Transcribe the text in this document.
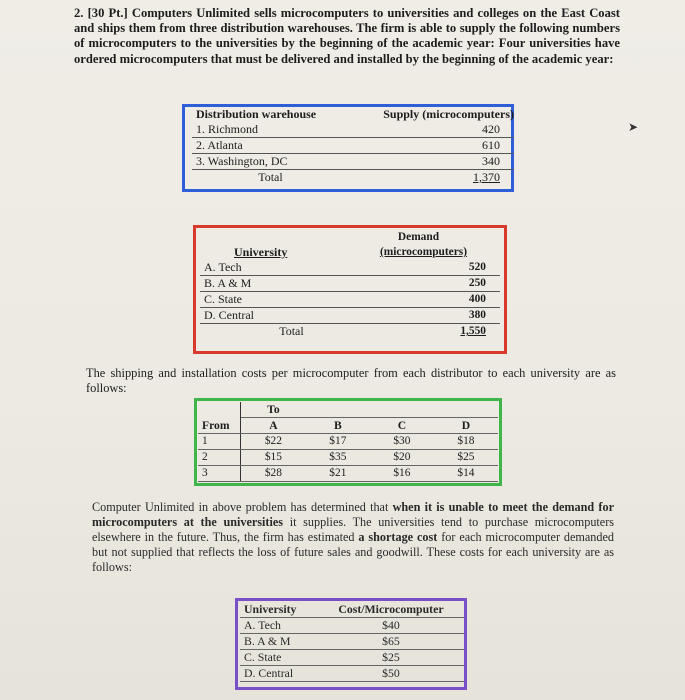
2. [30 Pt.] Computers Unlimited sells microcomputers to universities and colleges on the East Coast and ships them from three distribution warehouses. The firm is able to supply the following numbers of microcomputers to the universities by the beginning of the academic year: Four universities have ordered microcomputers that must be delivered and installed by the beginning of the academic year:

Distribution warehouse	Supply (microcomputers)
1. Richmond	420
2. Atlanta	610
3. Washington, DC	340
Total	1,370
	Demand
University	(microcomputers)
A. Tech	520
B. A & M	250
C. State	400
D. Central	380
Total	1,550

The shipping and installation costs per microcomputer from each distributor to each university are as follows:

	To			
From	A	B	C	D
1	$22	$17	$30	$18
2	$15	$35	$20	$25
3	$28	$21	$16	$14

Computer Unlimited in above problem has determined that when it is unable to meet the demand for microcomputers at the universities it supplies. The universities tend to purchase microcomputers elsewhere in the future. Thus, the firm has estimated a shortage cost for each microcomputer demanded but not supplied that reflects the loss of future sales and goodwill. These costs for each university are as follows:

University	Cost/Microcomputer
A. Tech	$40
B. A & M	$65
C. State	$25
D. Central	$50
➤
